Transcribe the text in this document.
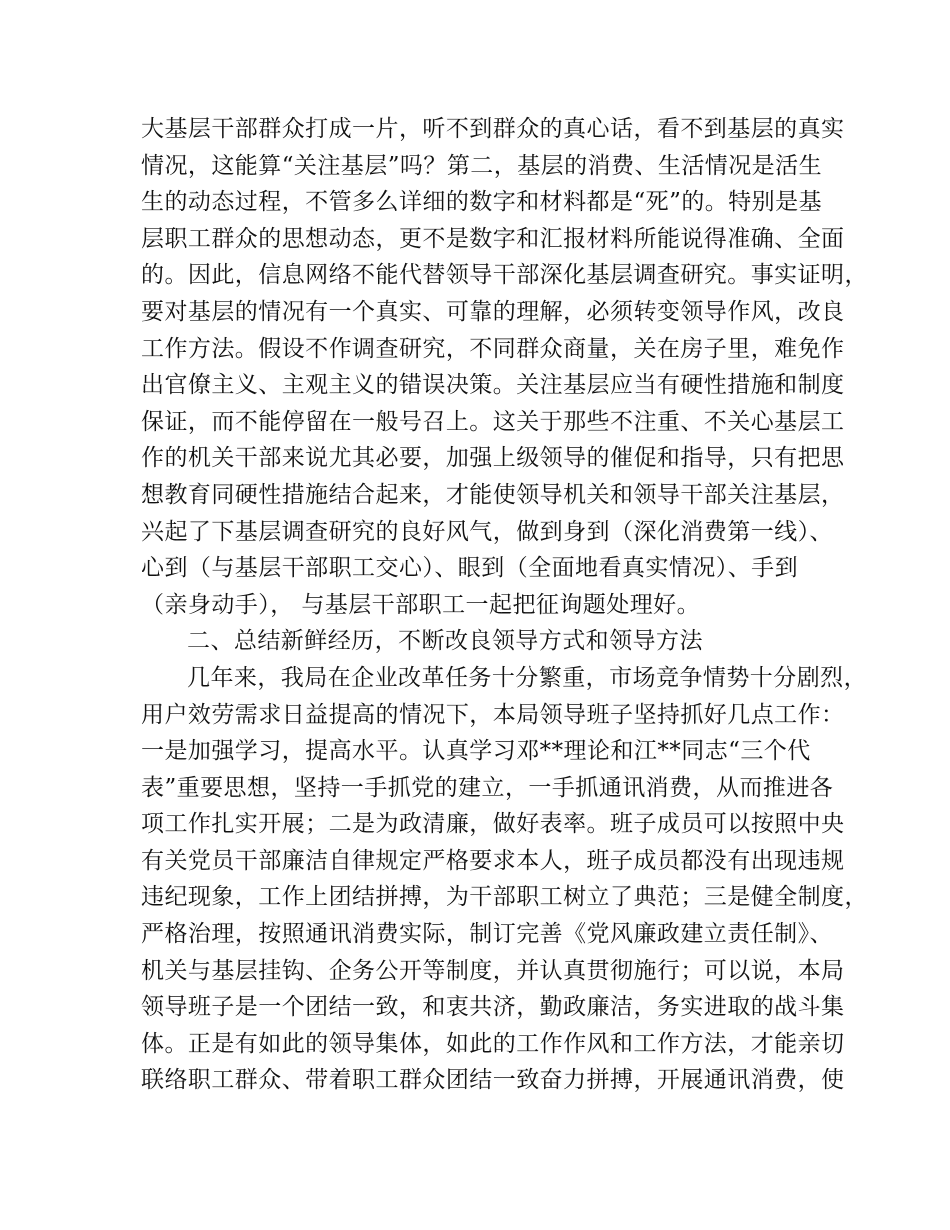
大基层干部群众打成一片，听不到群众的真心话，看不到基层的真实
情况，这能算“关注基层”吗？第二，基层的消费、生活情况是活生
生的动态过程，不管多么详细的数字和材料都是“死”的。特别是基
层职工群众的思想动态，更不是数字和汇报材料所能说得准确、全面
的。因此，信息网络不能代替领导干部深化基层调查研究。事实证明，
要对基层的情况有一个真实、可靠的理解，必须转变领导作风，改良
工作方法。假设不作调查研究，不同群众商量，关在房子里，难免作
出官僚主义、主观主义的错误决策。关注基层应当有硬性措施和制度
保证，而不能停留在一般号召上。这关于那些不注重、不关心基层工
作的机关干部来说尤其必要，加强上级领导的催促和指导，只有把思
想教育同硬性措施结合起来，才能使领导机关和领导干部关注基层，
兴起了下基层调查研究的良好风气，做到身到（深化消费第一线）、
心到（与基层干部职工交心）、眼到（全面地看真实情况）、手到
（亲身动手）， 与基层干部职工一起把征询题处理好。
二、总结新鲜经历，不断改良领导方式和领导方法
几年来，我局在企业改革任务十分繁重，市场竞争情势十分剧烈，
用户效劳需求日益提高的情况下，本局领导班子坚持抓好几点工作：
一是加强学习，提高水平。认真学习邓**理论和江**同志“三个代
表”重要思想，坚持一手抓党的建立，一手抓通讯消费，从而推进各
项工作扎实开展；二是为政清廉，做好表率。班子成员可以按照中央
有关党员干部廉洁自律规定严格要求本人，班子成员都没有出现违规
违纪现象，工作上团结拼搏，为干部职工树立了典范；三是健全制度，
严格治理，按照通讯消费实际，制订完善《党风廉政建立责任制》、
机关与基层挂钩、企务公开等制度，并认真贯彻施行；可以说，本局
领导班子是一个团结一致，和衷共济，勤政廉洁，务实进取的战斗集
体。正是有如此的领导集体，如此的工作作风和工作方法，才能亲切
联络职工群众、带着职工群众团结一致奋力拼搏，开展通讯消费，使
